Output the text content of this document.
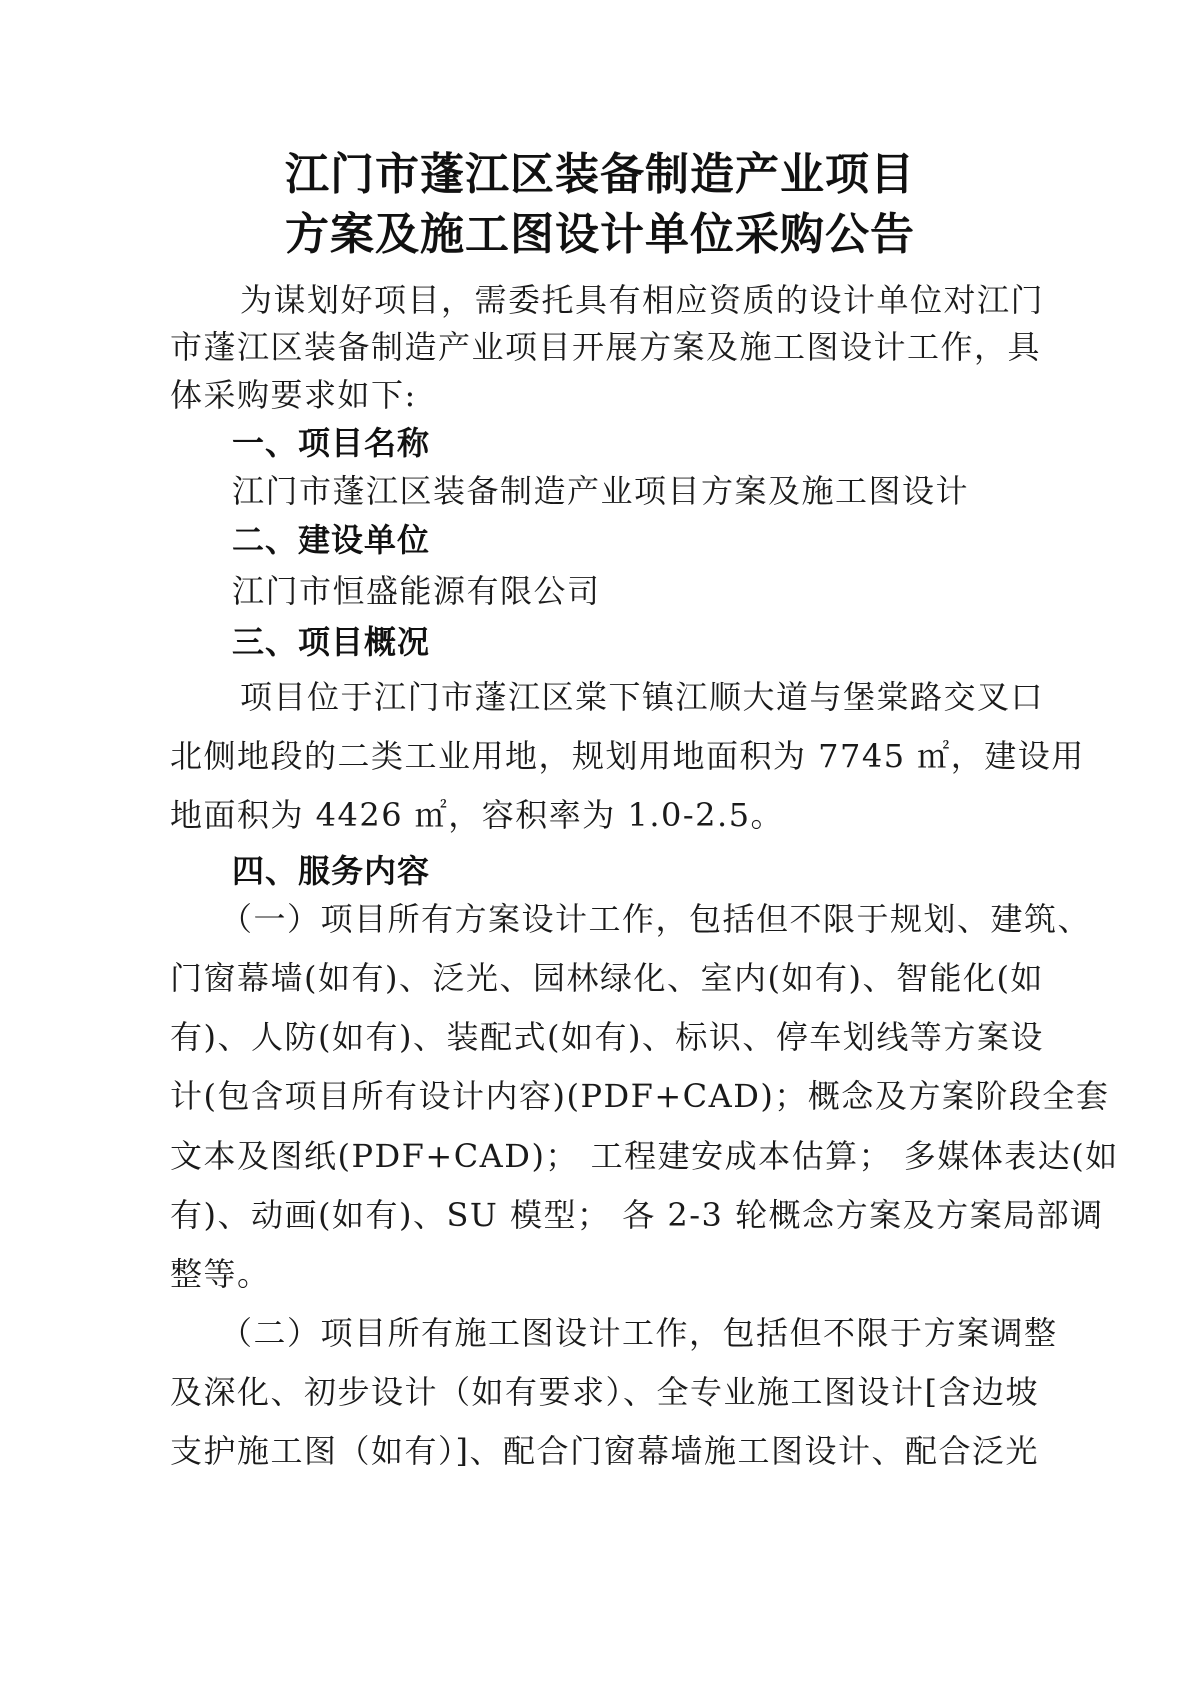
江门市蓬江区装备制造产业项目
方案及施工图设计单位采购公告
为谋划好项目，需委托具有相应资质的设计单位对江门
市蓬江区装备制造产业项目开展方案及施工图设计工作，具
体采购要求如下:
一、项目名称
江门市蓬江区装备制造产业项目方案及施工图设计
二、建设单位
江门市恒盛能源有限公司
三、项目概况
项目位于江门市蓬江区棠下镇江顺大道与堡棠路交叉口
北侧地段的二类工业用地，规划用地面积为 7745 ㎡，建设用
地面积为 4426 ㎡，容积率为 1.0-2.5。
四、服务内容
（一）项目所有方案设计工作，包括但不限于规划、建筑、
门窗幕墙(如有)、泛光、园林绿化、室内(如有)、智能化(如
有)、人防(如有)、装配式(如有)、标识、停车划线等方案设
计(包含项目所有设计内容)(PDF+CAD)；概念及方案阶段全套
文本及图纸(PDF+CAD)； 工程建安成本估算； 多媒体表达(如
有)、动画(如有)、SU 模型； 各 2-3 轮概念方案及方案局部调
整等。
（二）项目所有施工图设计工作，包括但不限于方案调整
及深化、初步设计（如有要求）、全专业施工图设计[含边坡
支护施工图（如有）]、配合门窗幕墙施工图设计、配合泛光
